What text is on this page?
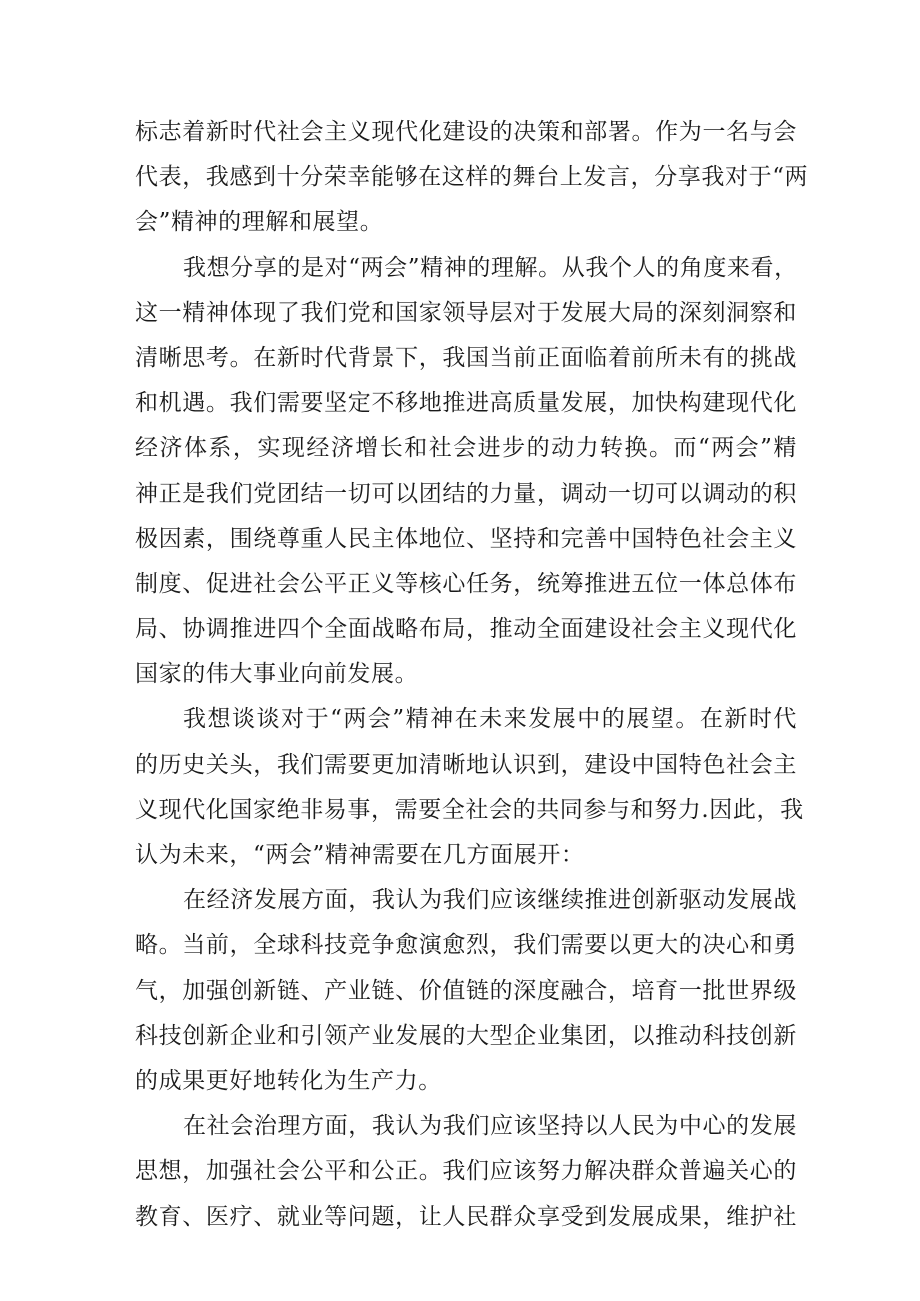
标志着新时代社会主义现代化建设的决策和部署。作为一名与会
代表，我感到十分荣幸能够在这样的舞台上发言，分享我对于“两
会”精神的理解和展望。
我想分享的是对“两会”精神的理解。从我个人的角度来看，
这一精神体现了我们党和国家领导层对于发展大局的深刻洞察和
清晰思考。在新时代背景下，我国当前正面临着前所未有的挑战
和机遇。我们需要坚定不移地推进高质量发展，加快构建现代化
经济体系，实现经济增长和社会进步的动力转换。而“两会”精
神正是我们党团结一切可以团结的力量，调动一切可以调动的积
极因素，围绕尊重人民主体地位、坚持和完善中国特色社会主义
制度、促进社会公平正义等核心任务，统筹推进五位一体总体布
局、协调推进四个全面战略布局，推动全面建设社会主义现代化
国家的伟大事业向前发展。
我想谈谈对于“两会”精神在未来发展中的展望。在新时代
的历史关头，我们需要更加清晰地认识到，建设中国特色社会主
义现代化国家绝非易事，需要全社会的共同参与和努力.因此，我
认为未来，“两会”精神需要在几方面展开：
在经济发展方面，我认为我们应该继续推进创新驱动发展战
略。当前，全球科技竞争愈演愈烈，我们需要以更大的决心和勇
气，加强创新链、产业链、价值链的深度融合，培育一批世界级
科技创新企业和引领产业发展的大型企业集团，以推动科技创新
的成果更好地转化为生产力。
在社会治理方面，我认为我们应该坚持以人民为中心的发展
思想，加强社会公平和公正。我们应该努力解决群众普遍关心的
教育、医疗、就业等问题，让人民群众享受到发展成果，维护社
